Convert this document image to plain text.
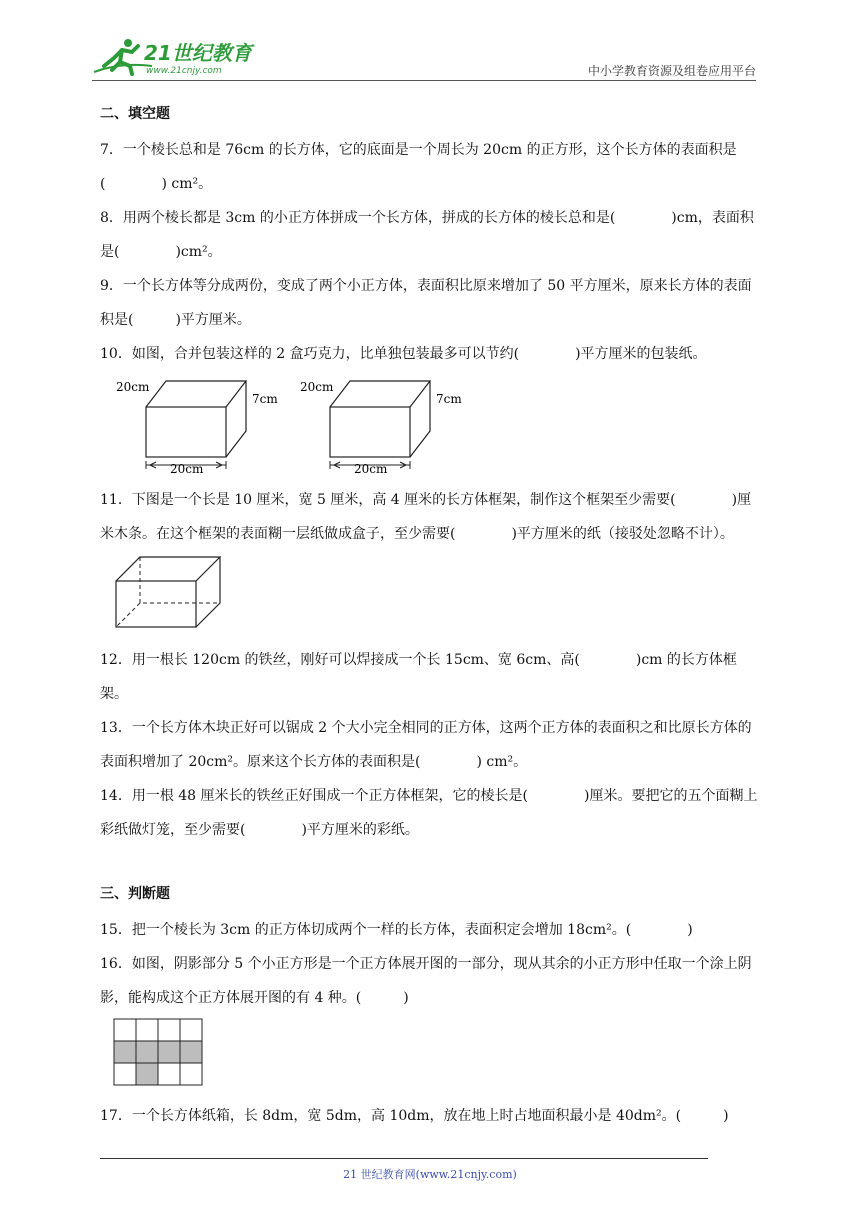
21世纪教育
www.21cnjy.com	中小学教育资源及组卷应用平台

二、填空题

7．一个棱长总和是 76cm 的长方体，它的底面是一个周长为 20cm 的正方形，这个长方体的表面积是(　　　　) cm²。

8．用两个棱长都是 3cm 的小正方体拼成一个长方体，拼成的长方体的棱长总和是(　　　　)cm，表面积是(　　　　)cm²。

9．一个长方体等分成两份，变成了两个小正方体，表面积比原来增加了 50 平方厘米，原来长方体的表面积是(　　　)平方厘米。

10．如图，合并包装这样的 2 盒巧克力，比单独包装最多可以节约(　　　　)平方厘米的包装纸。

20cm
7cm
20cm
20cm
7cm
20cm

11．下图是一个长是 10 厘米，宽 5 厘米，高 4 厘米的长方体框架，制作这个框架至少需要(　　　　)厘米木条。在这个框架的表面糊一层纸做成盒子，至少需要(　　　　)平方厘米的纸（接驳处忽略不计）。

12．用一根长 120cm 的铁丝，刚好可以焊接成一个长 15cm、宽 6cm、高(　　　　)cm 的长方体框架。

13．一个长方体木块正好可以锯成 2 个大小完全相同的正方体，这两个正方体的表面积之和比原长方体的表面积增加了 20cm²。原来这个长方体的表面积是(　　　　) cm²。

14．用一根 48 厘米长的铁丝正好围成一个正方体框架，它的棱长是(　　　　)厘米。要把它的五个面糊上彩纸做灯笼，至少需要(　　　　)平方厘米的彩纸。

三、判断题

15．把一个棱长为 3cm 的正方体切成两个一样的长方体，表面积定会增加 18cm²。(　　　　)

16．如图，阴影部分 5 个小正方形是一个正方体展开图的一部分，现从其余的小正方形中任取一个涂上阴影，能构成这个正方体展开图的有 4 种。(　　　)

17．一个长方体纸箱，长 8dm，宽 5dm，高 10dm，放在地上时占地面积最小是 40dm²。(　　　)

21 世纪教育网(www.21cnjy.com)
